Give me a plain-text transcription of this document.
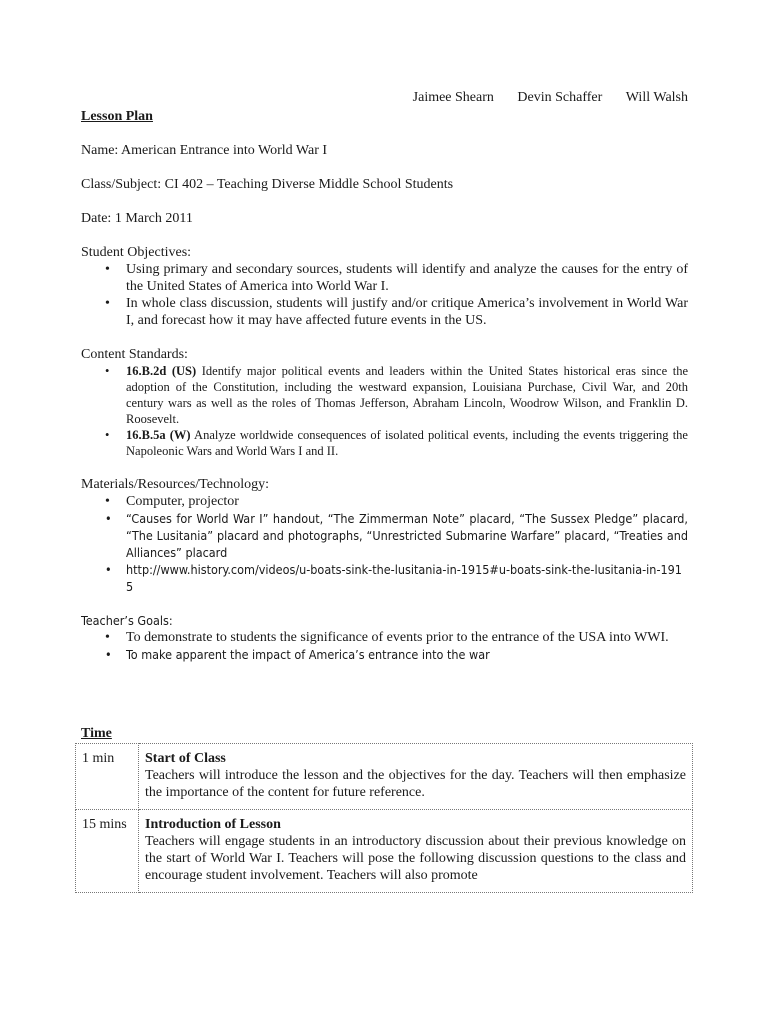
Jaimee Shearn Devin Schaffer Will Walsh
Lesson Plan
Name: American Entrance into World War I
Class/Subject: CI 402 – Teaching Diverse Middle School Students
Date: 1 March 2011
Student Objectives:
• Using primary and secondary sources, students will identify and analyze the causes for the entry of the United States of America into World War I.
• In whole class discussion, students will justify and/or critique America’s involvement in World War I, and forecast how it may have affected future events in the US.
Content Standards:
• 16.B.2d (US) Identify major political events and leaders within the United States historical eras since the adoption of the Constitution, including the westward expansion, Louisiana Purchase, Civil War, and 20th century wars as well as the roles of Thomas Jefferson, Abraham Lincoln, Woodrow Wilson, and Franklin D. Roosevelt.
• 16.B.5a (W) Analyze worldwide consequences of isolated political events, including the events triggering the Napoleonic Wars and World Wars I and II.
Materials/Resources/Technology:
• Computer, projector
• “Causes for World War I” handout, “The Zimmerman Note” placard, “The Sussex Pledge” placard, “The Lusitania” placard and photographs, “Unrestricted Submarine Warfare” placard, “Treaties and Alliances” placard
• http://www.history.com/videos/u-boats-sink-the-lusitania-in-1915#u-boats-sink-the-lusitania-in-1915
Teacher’s Goals:
• To demonstrate to students the significance of events prior to the entrance of the USA into WWI.
• To make apparent the impact of America’s entrance into the war
Time
1 min	Start of Class
Teachers will introduce the lesson and the objectives for the day. Teachers will then emphasize the importance of the content for future reference.

15 mins	Introduction of Lesson
Teachers will engage students in an introductory discussion about their previous knowledge on the start of World War I. Teachers will pose the following discussion questions to the class and encourage student involvement. Teachers will also promote
